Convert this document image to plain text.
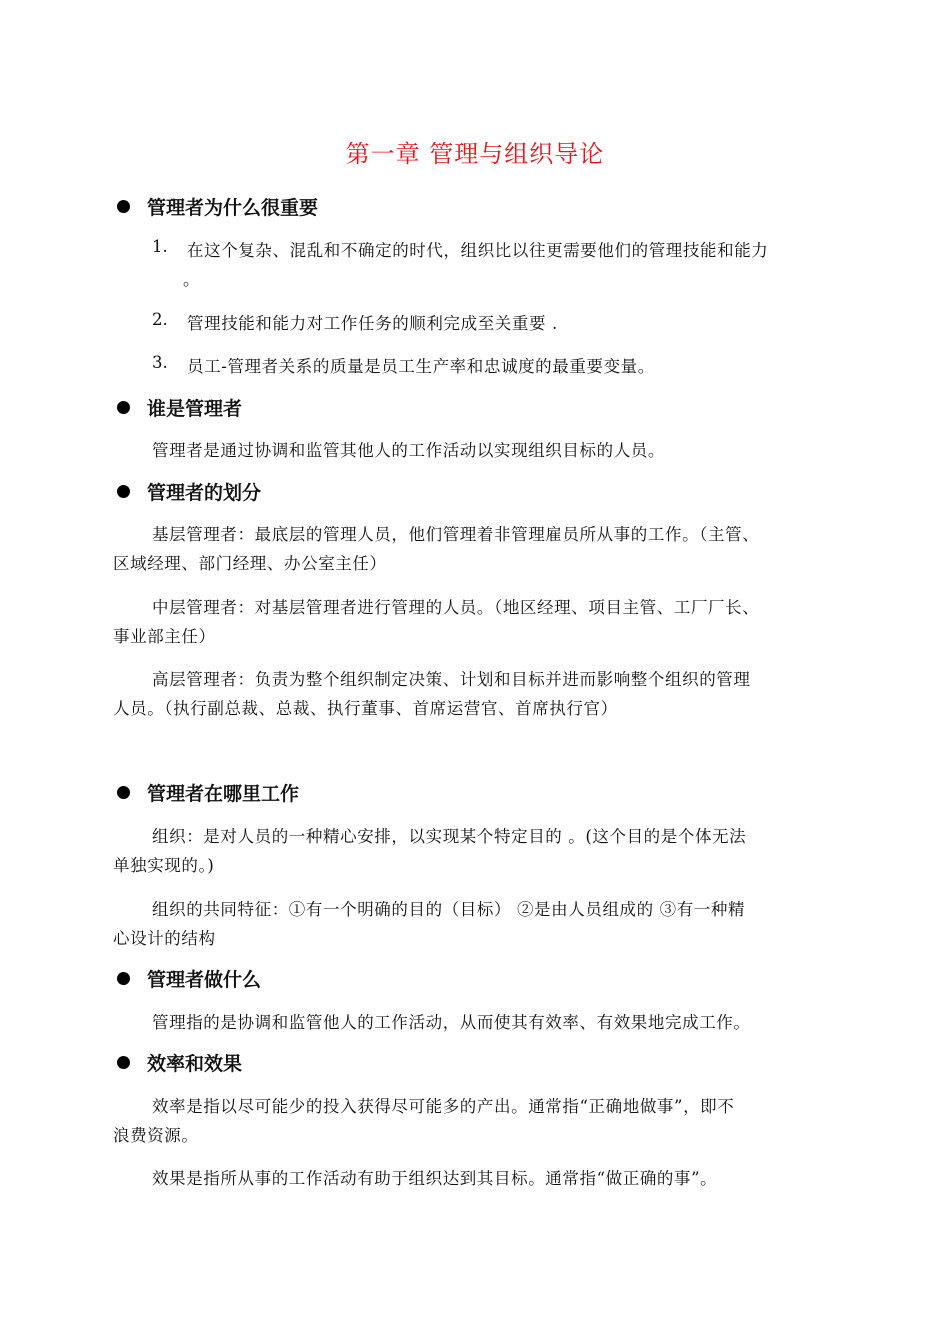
第一章 管理与组织导论
管理者为什么很重要
1. 在这个复杂、混乱和不确定的时代，组织比以往更需要他们的管理技能和能力
。
2. 管理技能和能力对工作任务的顺利完成至关重要 .
3. 员工-管理者关系的质量是员工生产率和忠诚度的最重要变量。
谁是管理者
管理者是通过协调和监管其他人的工作活动以实现组织目标的人员。
管理者的划分
基层管理者：最底层的管理人员，他们管理着非管理雇员所从事的工作。（主管、
区域经理、部门经理、办公室主任）
中层管理者：对基层管理者进行管理的人员。（地区经理、项目主管、工厂厂长、
事业部主任）
高层管理者：负责为整个组织制定决策、计划和目标并进而影响整个组织的管理
人员。（执行副总裁、总裁、执行董事、首席运营官、首席执行官）
管理者在哪里工作
组织：是对人员的一种精心安排，以实现某个特定目的 。(这个目的是个体无法
单独实现的。)
组织的共同特征：①有一个明确的目的（目标） ②是由人员组成的 ③有一种精
心设计的结构
管理者做什么
管理指的是协调和监管他人的工作活动，从而使其有效率、有效果地完成工作。
效率和效果
效率是指以尽可能少的投入获得尽可能多的产出。通常指“正确地做事”，即不
浪费资源。
效果是指所从事的工作活动有助于组织达到其目标。通常指“做正确的事”。
